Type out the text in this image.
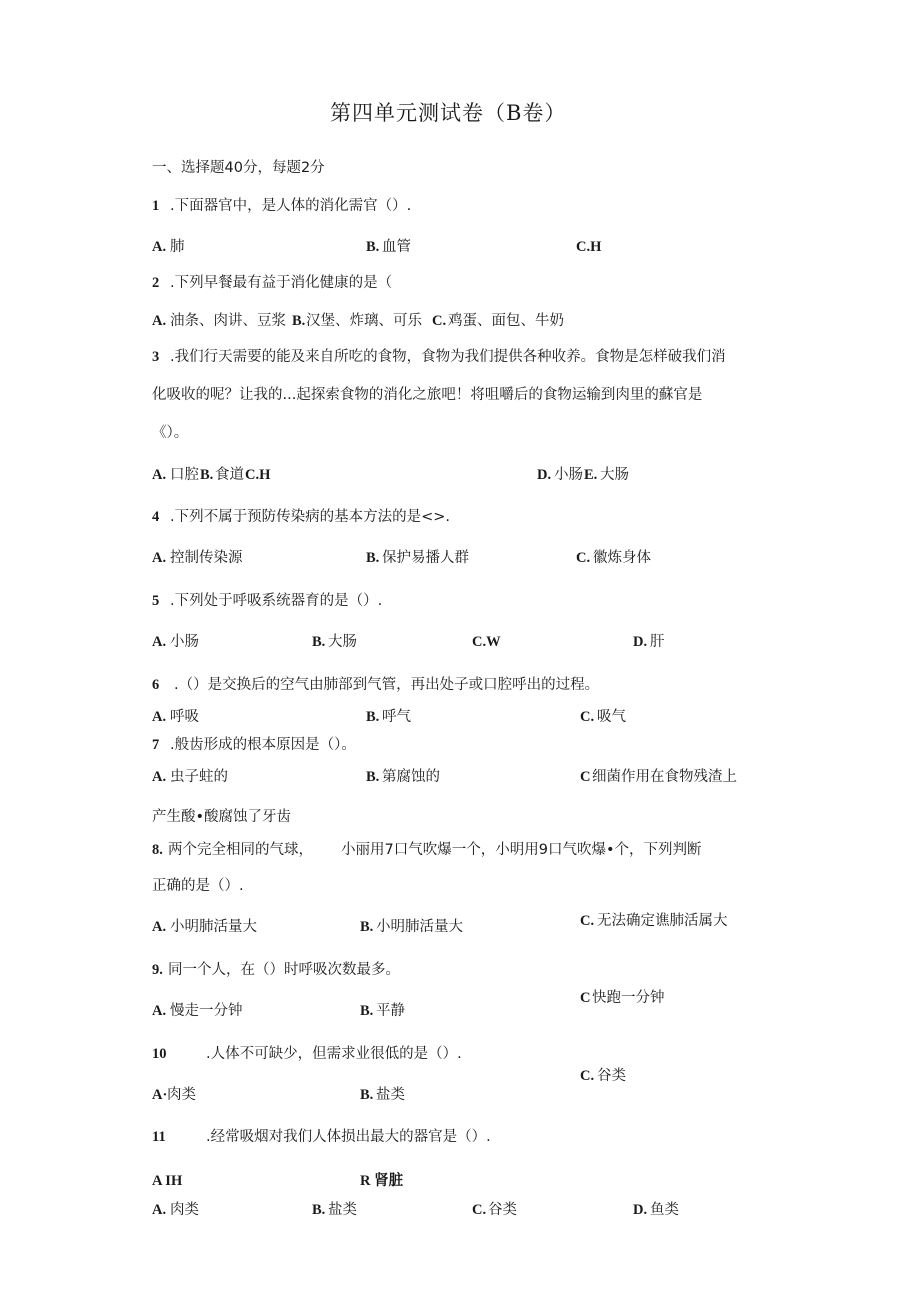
第四单元测试卷（B卷）
一、选择题40分，每题2分
1 .下面器官中，是人体的消化需官（）.
A. 肺	B. 血管	C.H
2 .下列早餐最有益于消化健康的是（
A. 油条、肉讲、豆浆 B. 汉堡、炸璃、可乐 C. 鸡蛋、面包、牛奶
3 .我们行天需要的能及来自所吃的食物，食物为我们提供各种收养。食物是怎样破我们消
化吸收的呢？让我的...起探索食物的消化之旅吧！将咀嚼后的食物运输到肉里的蘇官是
《）。
A. 口腔 B. 食道 C.H	D. 小肠 E. 大肠
4 .下列不属于预防传染病的基本方法的是<>.
A. 控制传染源	B. 保护易播人群	C. 徽炼身体
5 .下列处于呼吸系统器育的是（）.
A. 小肠	B. 大肠	C.W	D. 肝
6 .（）是交换后的空气由肺部到气管，再出处子或口腔呼出的过程。
A. 呼吸	B. 呼气	C. 吸气
7 .般齿形成的根本原因是（）。
A. 虫子蛀的	B. 第腐蚀的	C 细菌作用在食物残渣上
产生酸•酸腐蚀了牙齿
8. 两个完全相同的气球， 小丽用7口气吹爆一个，小明用9口气吹爆•个，下列判断
正确的是（）.
A. 小明肺活量大	B. 小明肺活量大	C. 无法确定谯肺活属大
9. 同一个人，在（）时呼吸次数最多。
A. 慢走一分钟	B. 平静
C 快跑一分钟
10	.人体不可缺少，但需求业很低的是（）.
A· 肉类	B. 盐类
C. 谷类
11	.经常吸烟对我们人体损出最大的器官是（）.
A IH	R 肾脏
A. 肉类	B. 盐类	C. 谷类	D. 鱼类
